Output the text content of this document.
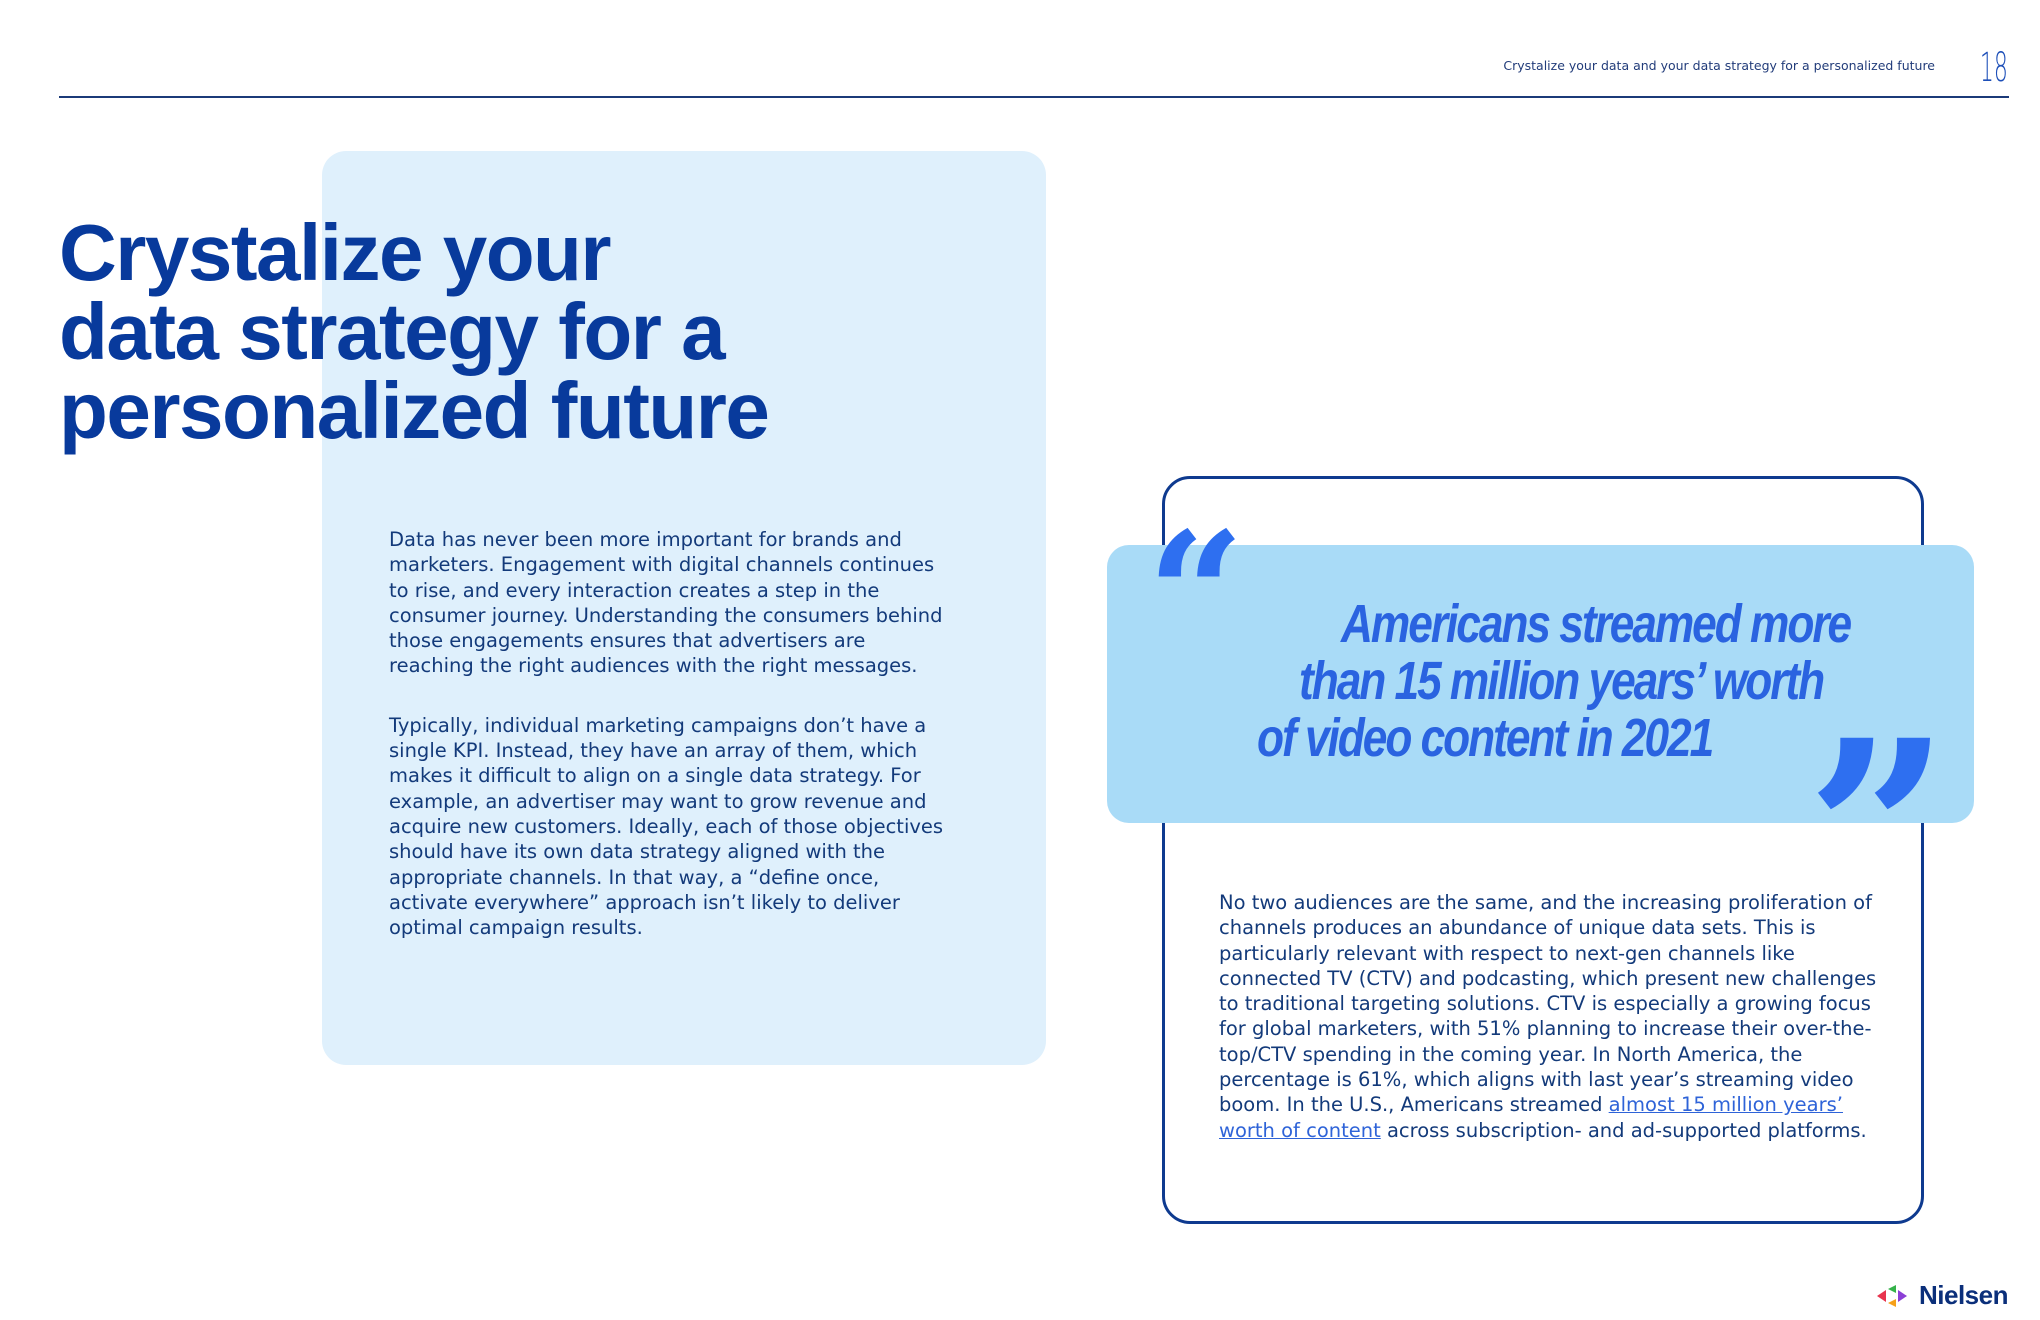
Crystalize your data and your data strategy for a personalized future 18
Crystalize your
data strategy for a
personalized future

Data has never been more important for brands and marketers. Engagement with digital channels continues to rise, and every interaction creates a step in the consumer journey. Understanding the consumers behind those engagements ensures that advertisers are reaching the right audiences with the right messages.

Typically, individual marketing campaigns don’t have a single KPI. Instead, they have an array of them, which makes it difficult to align on a single data strategy. For example, an advertiser may want to grow revenue and acquire new customers. Ideally, each of those objectives should have its own data strategy aligned with the appropriate channels. In that way, a “define once, activate everywhere” approach isn’t likely to deliver optimal campaign results.

“ Americans streamed more
than 15 million years’ worth
of video content in 2021 ”
No two audiences are the same, and the increasing proliferation of channels produces an abundance of unique data sets. This is particularly relevant with respect to next-gen channels like connected TV (CTV) and podcasting, which present new challenges to traditional targeting solutions. CTV is especially a growing focus for global marketers, with 51% planning to increase their over-the-top/CTV spending in the coming year. In North America, the percentage is 61%, which aligns with last year’s streaming video boom. In the U.S., Americans streamed almost 15 million years’ worth of content across subscription- and ad-supported platforms.
Nielsen
